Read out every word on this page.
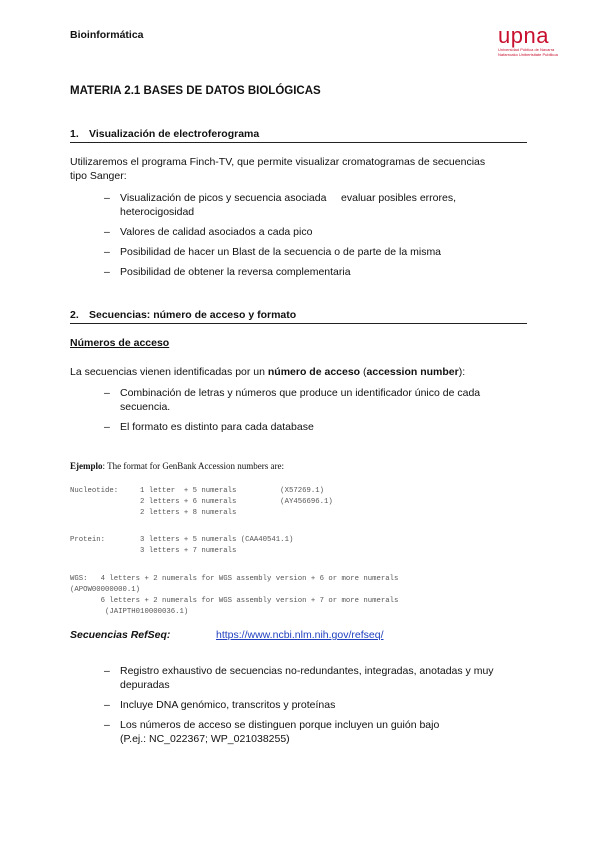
Bioinformática	upna
Universidad Pública de Navarra
Nafarroako Unibertsitate Publikoa
MATERIA 2.1 BASES DE DATOS BIOLÓGICAS
1. Visualización de electroferograma
Utilizaremos el programa Finch-TV, que permite visualizar cromatogramas de secuencias
tipo Sanger:
– Visualización de picos y secuencia asociada     evaluar posibles errores, heterocigosidad
– Valores de calidad asociados a cada pico
– Posibilidad de hacer un Blast de la secuencia o de parte de la misma
– Posibilidad de obtener la reversa complementaria
2. Secuencias: número de acceso y formato
Números de acceso
La secuencias vienen identificadas por un número de acceso (accession number):
– Combinación de letras y números que produce un identificador único de cada secuencia.
– El formato es distinto para cada database
Ejemplo: The format for GenBank Accession numbers are:
Nucleotide:     1 letter  + 5 numerals          (X57269.1)
2 letters + 6 numerals          (AY456696.1)
2 letters + 8 numerals
Protein:        3 letters + 5 numerals (CAA40541.1)
3 letters + 7 numerals
WGS:   4 letters + 2 numerals for WGS assembly version + 6 or more numerals
(APOW00000000.1)
6 letters + 2 numerals for WGS assembly version + 7 or more numerals
(JAIPTH010000036.1)
Secuencias RefSeq:	https://www.ncbi.nlm.nih.gov/refseq/
– Registro exhaustivo de secuencias no-redundantes, integradas, anotadas y muy depuradas
– Incluye DNA genómico, transcritos y proteínas
– Los números de acceso se distinguen porque incluyen un guión bajo
(P.ej.: NC_022367; WP_021038255)
